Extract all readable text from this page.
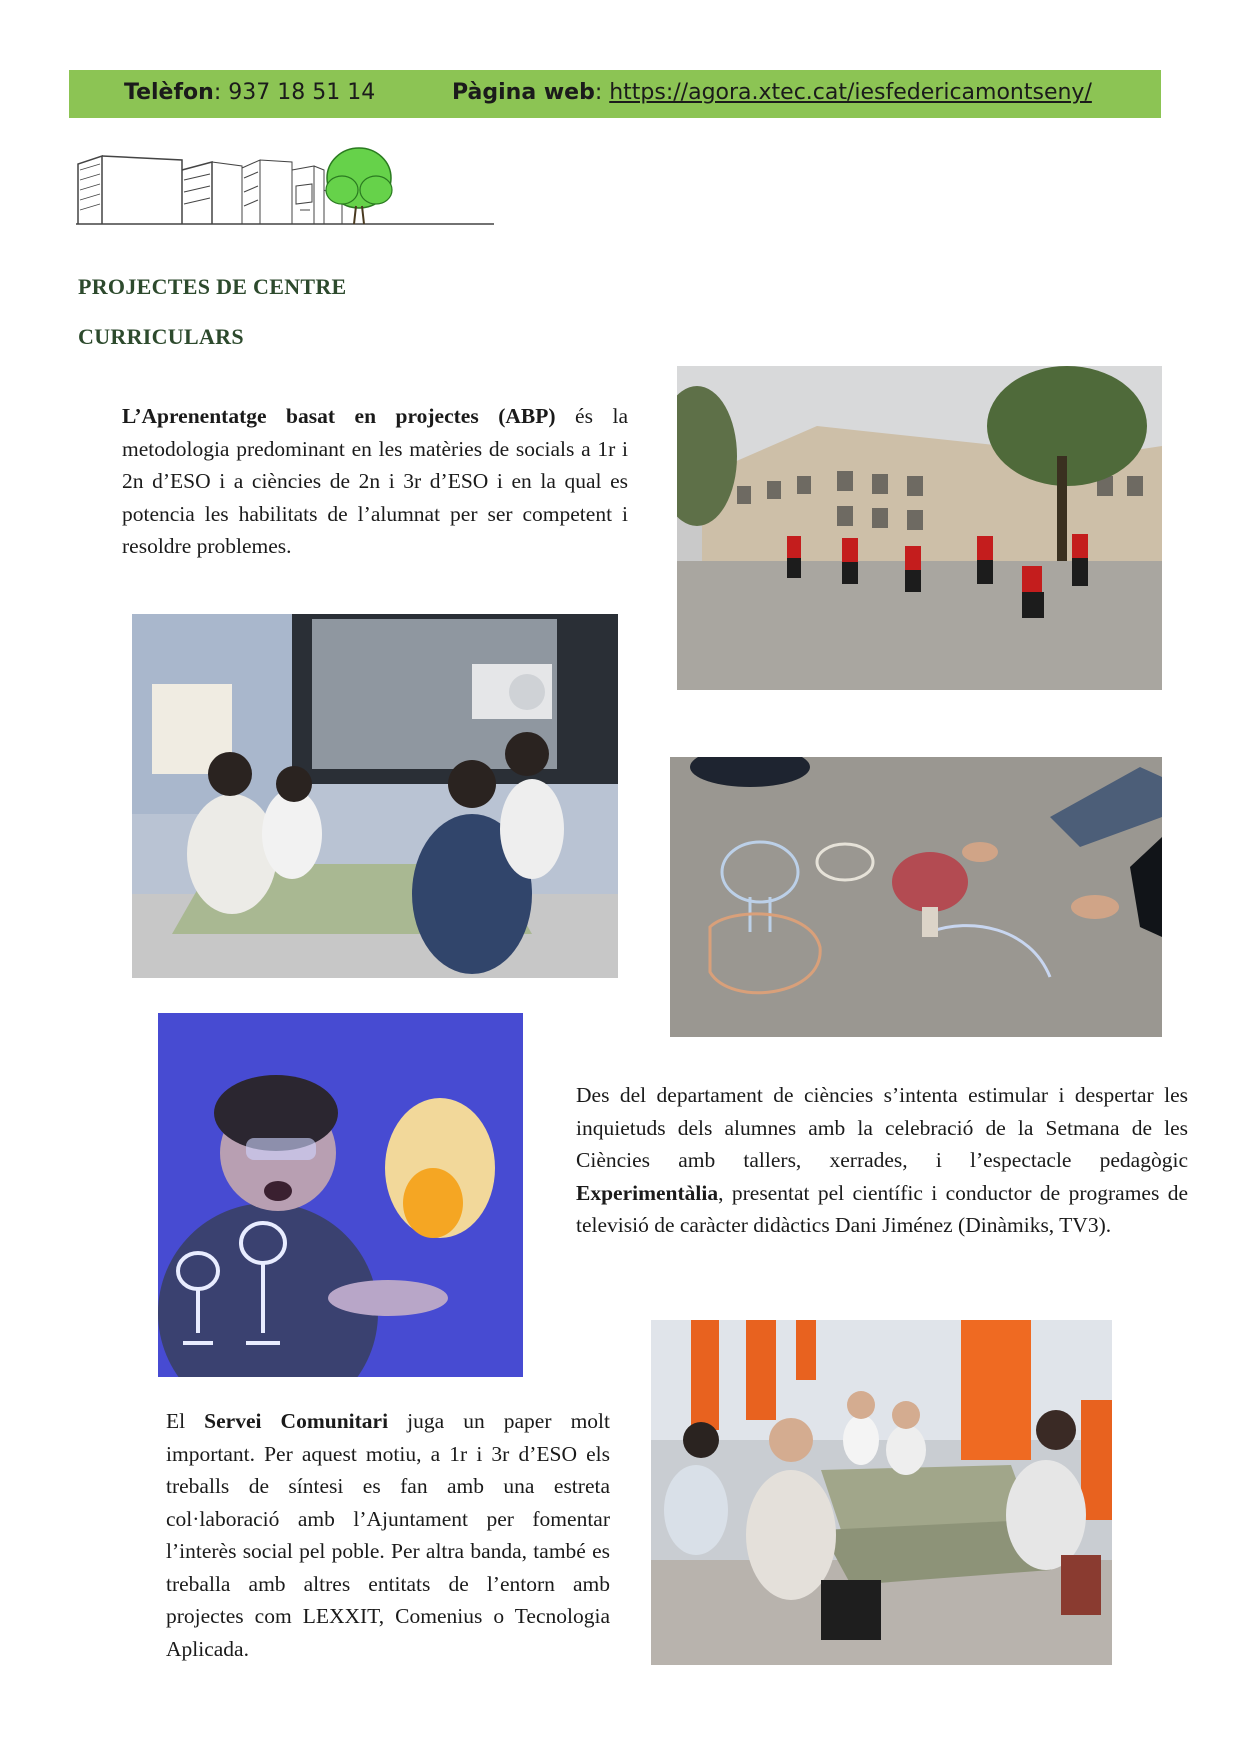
Telèfon: 937 18 51 14	Pàgina web: https://agora.xtec.cat/iesfedericamontseny/
PROJECTES DE CENTRE
CURRICULARS
L’Aprenentatge basat en projectes (ABP) és la metodologia predominant en les matèries de socials a 1r i 2n d’ESO i a ciències de 2n i 3r d’ESO i en la qual es potencia les habilitats de l’alumnat per ser competent i resoldre problemes.
Des del departament de ciències s’intenta estimular i despertar les inquietuds dels alumnes amb la celebració de la Setmana de les Ciències amb tallers, xerrades, i l’espectacle pedagògic Experimentàlia, presentat pel científic i conductor de programes de televisió de caràcter didàctics Dani Jiménez (Dinàmiks, TV3).
El Servei Comunitari juga un paper molt important. Per aquest motiu, a 1r i 3r d’ESO els treballs de síntesi es fan amb una estreta col·laboració amb l’Ajuntament per fomentar l’interès social pel poble. Per altra banda, també es treballa amb altres entitats de l’entorn amb projectes com LEXXIT, Comenius o Tecnologia Aplicada.
